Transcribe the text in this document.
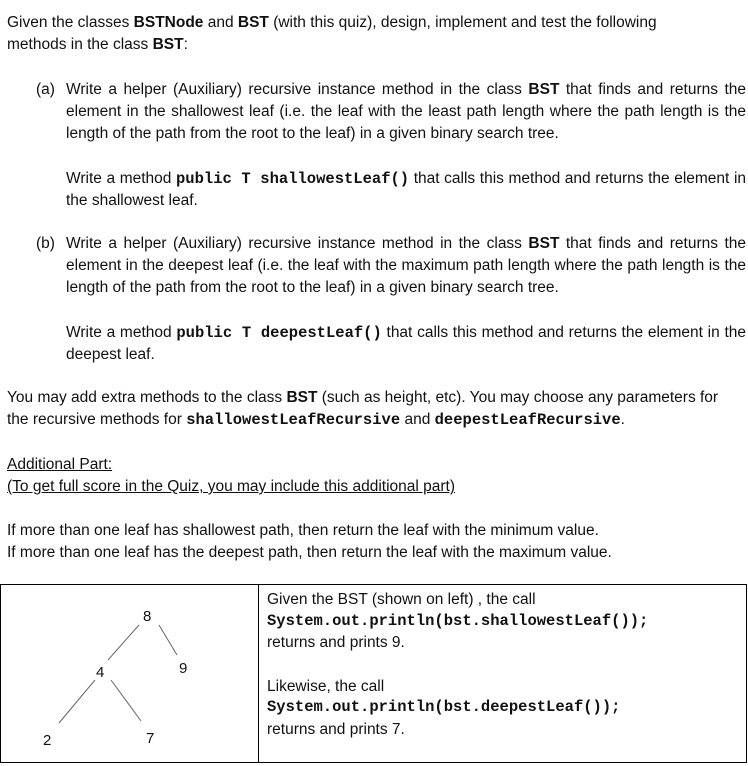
Given the classes BSTNode and BST (with this quiz), design, implement and test the following methods in the class BST:
(a) Write a helper (Auxiliary) recursive instance method in the class BST that finds and returns the element in the shallowest leaf (i.e. the leaf with the least path length where the path length is the length of the path from the root to the leaf) in a given binary search tree.
Write a method public T shallowestLeaf() that calls this method and returns the element in the shallowest leaf.
(b) Write a helper (Auxiliary) recursive instance method in the class BST that finds and returns the element in the deepest leaf (i.e. the leaf with the maximum path length where the path length is the length of the path from the root to the leaf) in a given binary search tree.
Write a method public T deepestLeaf() that calls this method and returns the element in the deepest leaf.
You may add extra methods to the class BST (such as height, etc). You may choose any parameters for the recursive methods for shallowestLeafRecursive and deepestLeafRecursive.
Additional Part:
(To get full score in the Quiz, you may include this additional part)
If more than one leaf has shallowest path, then return the leaf with the minimum value.
If more than one leaf has the deepest path, then return the leaf with the maximum value.
8
4	9
2	7

Given the BST (shown on left) , the call
System.out.println(bst.shallowestLeaf());
returns and prints 9.
Likewise, the call
System.out.println(bst.deepestLeaf());
returns and prints 7.
